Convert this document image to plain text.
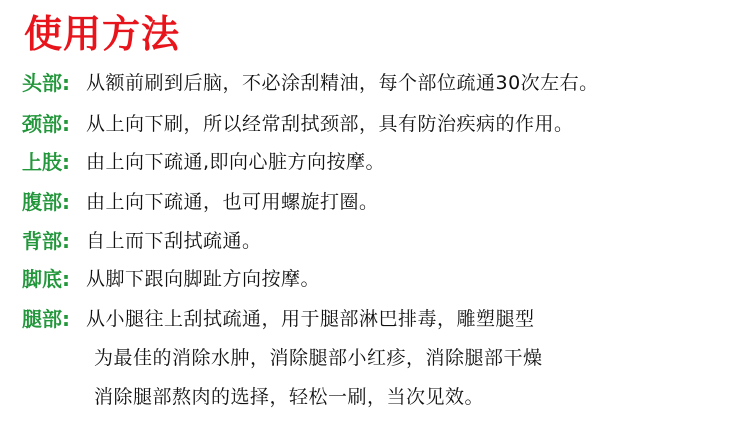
使用方法
头部: 从额前刷到后脑，不必涂刮精油，每个部位疏通30次左右。
颈部: 从上向下刷，所以经常刮拭颈部，具有防治疾病的作用。
上肢: 由上向下疏通,即向心脏方向按摩。
腹部: 由上向下疏通，也可用螺旋打圈。
背部: 自上而下刮拭疏通。
脚底: 从脚下跟向脚趾方向按摩。
腿部: 从小腿往上刮拭疏通，用于腿部淋巴排毒，雕塑腿型
为最佳的消除水肿，消除腿部小红疹，消除腿部干燥
消除腿部熬肉的选择，轻松一刷，当次见效。
